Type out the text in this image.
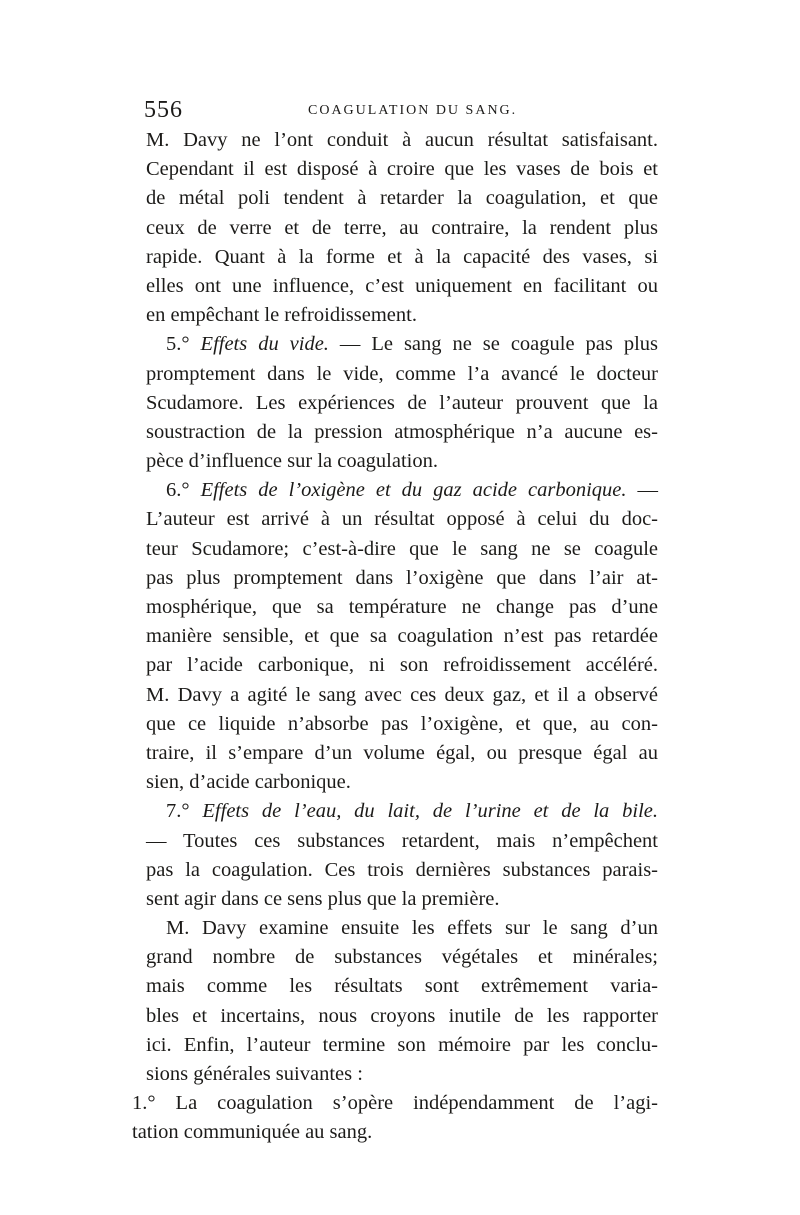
556	COAGULATION DU SANG.
M. Davy ne l’ont conduit à aucun résultat satisfaisant.
Cependant il est disposé à croire que les vases de bois et
de métal poli tendent à retarder la coagulation, et que
ceux de verre et de terre, au contraire, la rendent plus
rapide. Quant à la forme et à la capacité des vases, si
elles ont une influence, c’est uniquement en facilitant ou
en empêchant le refroidissement.
5.° Effets du vide. — Le sang ne se coagule pas plus
promptement dans le vide, comme l’a avancé le docteur
Scudamore. Les expériences de l’auteur prouvent que la
soustraction de la pression atmosphérique n’a aucune es-
pèce d’influence sur la coagulation.
6.° Effets de l’oxigène et du gaz acide carbonique. —
L’auteur est arrivé à un résultat opposé à celui du doc-
teur Scudamore; c’est-à-dire que le sang ne se coagule
pas plus promptement dans l’oxigène que dans l’air at-
mosphérique, que sa température ne change pas d’une
manière sensible, et que sa coagulation n’est pas retardée
par l’acide carbonique, ni son refroidissement accéléré.
M. Davy a agité le sang avec ces deux gaz, et il a observé
que ce liquide n’absorbe pas l’oxigène, et que, au con-
traire, il s’empare d’un volume égal, ou presque égal au
sien, d’acide carbonique.
7.° Effets de l’eau, du lait, de l’urine et de la bile.
— Toutes ces substances retardent, mais n’empêchent
pas la coagulation. Ces trois dernières substances parais-
sent agir dans ce sens plus que la première.
M. Davy examine ensuite les effets sur le sang d’un
grand nombre de substances végétales et minérales;
mais comme les résultats sont extrêmement varia-
bles et incertains, nous croyons inutile de les rapporter
ici. Enfin, l’auteur termine son mémoire par les conclu-
sions générales suivantes :
1.° La coagulation s’opère indépendamment de l’agi-
tation communiquée au sang.
